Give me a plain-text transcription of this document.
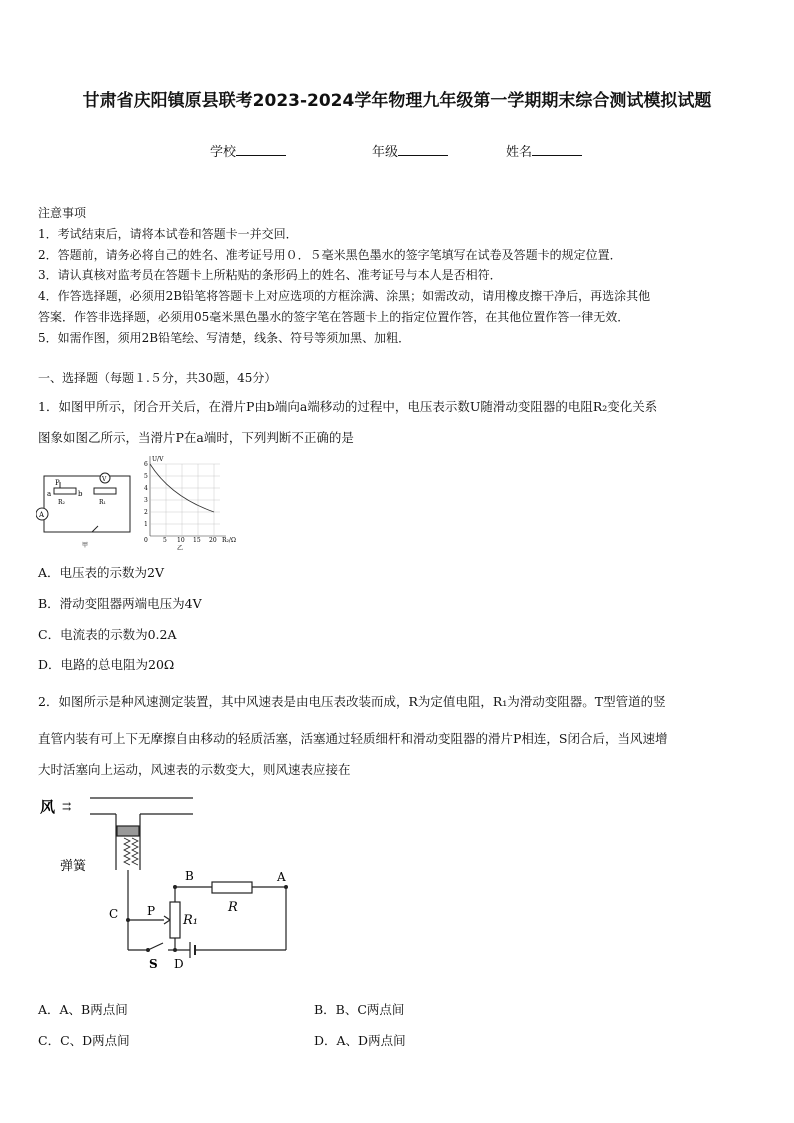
甘肃省庆阳镇原县联考2023-2024学年物理九年级第一学期期末综合测试模拟试题
学校	年级	姓名
注意事项
1．考试结束后，请将本试卷和答题卡一并交回．
2．答题前，请务必将自己的姓名、准考证号用０．５毫米黑色墨水的签字笔填写在试卷及答题卡的规定位置．
3．请认真核对监考员在答题卡上所粘贴的条形码上的姓名、准考证号与本人是否相符．
4．作答选择题，必须用2B铅笔将答题卡上对应选项的方框涂满、涂黑；如需改动，请用橡皮擦干净后，再选涂其他
答案．作答非选择题，必须用05毫米黑色墨水的签字笔在答题卡上的指定位置作答，在其他位置作答一律无效．
5．如需作图，须用2B铅笔绘、写清楚，线条、符号等须加黑、加粗．
一、选择题（每题１.５分，共30题，45分）
1．如图甲所示，闭合开关后，在滑片P由b端向a端移动的过程中，电压表示数U随滑动变阻器的电阻R₂变化关系
图象如图乙所示，当滑片P在a端时，下列判断不正确的是
P
a	b
R₂
V
R₁
A
甲
U/V
6
5
4
3
2
1
0	5 10 15 20 R₂/Ω
乙
A．电压表的示数为2V
B．滑动变阻器两端电压为4V
C．电流表的示数为0.2A
D．电路的总电阻为20Ω
2．如图所示是种风速测定装置，其中风速表是由电压表改装而成，R为定值电阻，R₁为滑动变阻器。T型管道的竖
直管内装有可上下无摩擦自由移动的轻质活塞，活塞通过轻质细杆和滑动变阻器的滑片P相连，S闭合后，当风速增
大时活塞向上运动，风速表的示数变大，则风速表应接在
风 ⇉
弹簧
B	A
C P
R₁
R
S D
A．A、B两点间	B．B、C两点间
C．C、D两点间	D．A、D两点间
